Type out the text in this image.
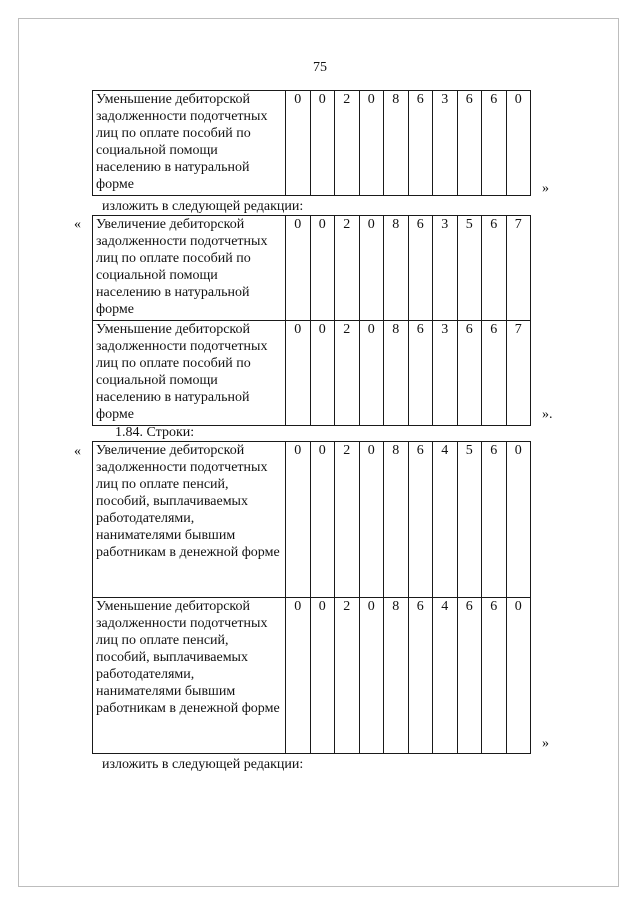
75
Уменьшение дебиторской задолженности подотчетных лиц по оплате пособий по социальной помощи населению в натуральной форме	0	0	2	0	8	6	3	6	6	0
»
изложить в следующей редакции:
« Увеличение дебиторской задолженности подотчетных лиц по оплате пособий по социальной помощи населению в натуральной форме	0	0	2	0	8	6	3	5	6	7
Уменьшение дебиторской задолженности подотчетных лиц по оплате пособий по социальной помощи населению в натуральной форме	0	0	2	0	8	6	3	6	6	7
».
1.84. Строки:
« Увеличение дебиторской задолженности подотчетных лиц по оплате пенсий, пособий, выплачиваемых работодателями, нанимателями бывшим работникам в денежной форме	0	0	2	0	8	6	4	5	6	0
Уменьшение дебиторской задолженности подотчетных лиц по оплате пенсий, пособий, выплачиваемых работодателями, нанимателями бывшим работникам в денежной форме	0	0	2	0	8	6	4	6	6	0
»
изложить в следующей редакции:
